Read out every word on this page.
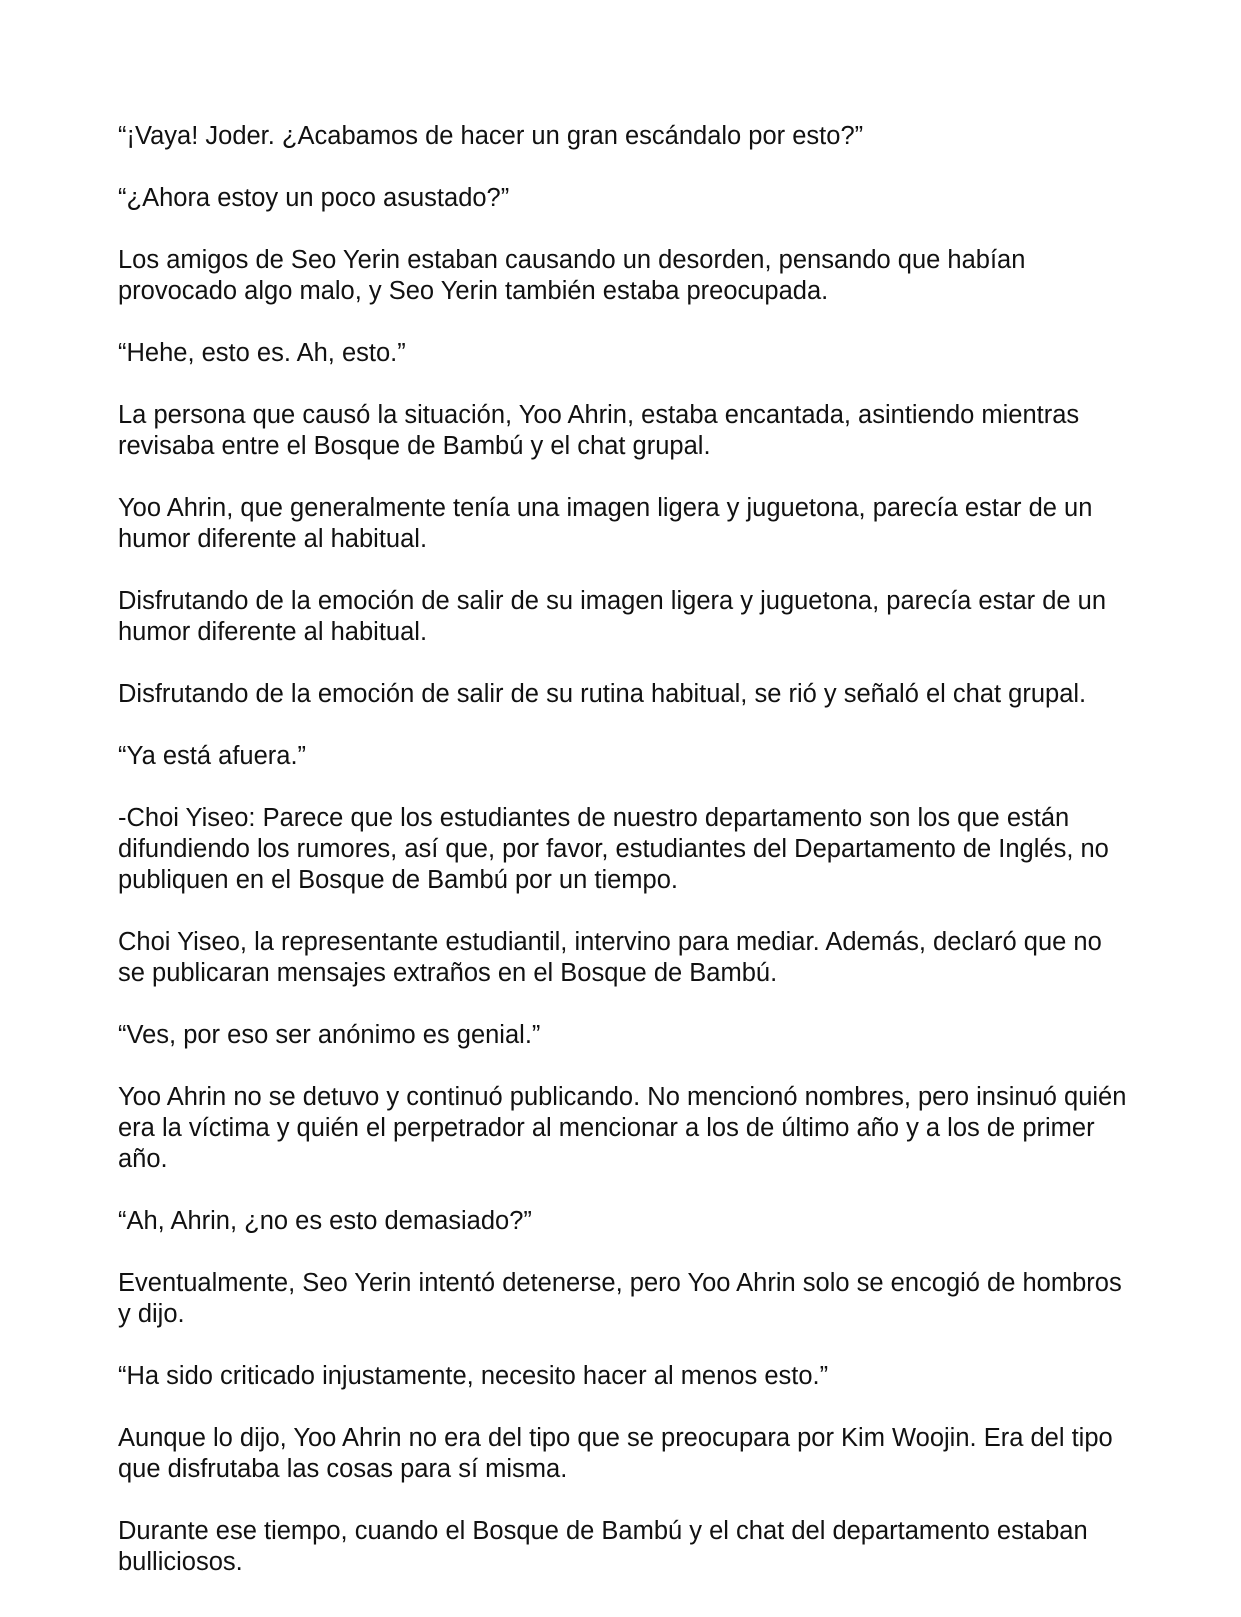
“¡Vaya! Joder. ¿Acabamos de hacer un gran escándalo por esto?”

“¿Ahora estoy un poco asustado?”

Los amigos de Seo Yerin estaban causando un desorden, pensando que habían provocado algo malo, y Seo Yerin también estaba preocupada.

“Hehe, esto es. Ah, esto.”

La persona que causó la situación, Yoo Ahrin, estaba encantada, asintiendo mientras revisaba entre el Bosque de Bambú y el chat grupal.

Yoo Ahrin, que generalmente tenía una imagen ligera y juguetona, parecía estar de un humor diferente al habitual.

Disfrutando de la emoción de salir de su imagen ligera y juguetona, parecía estar de un humor diferente al habitual.

Disfrutando de la emoción de salir de su rutina habitual, se rió y señaló el chat grupal.

“Ya está afuera.”

-Choi Yiseo: Parece que los estudiantes de nuestro departamento son los que están difundiendo los rumores, así que, por favor, estudiantes del Departamento de Inglés, no publiquen en el Bosque de Bambú por un tiempo.

Choi Yiseo, la representante estudiantil, intervino para mediar. Además, declaró que no se publicaran mensajes extraños en el Bosque de Bambú.

“Ves, por eso ser anónimo es genial.”

Yoo Ahrin no se detuvo y continuó publicando. No mencionó nombres, pero insinuó quién era la víctima y quién el perpetrador al mencionar a los de último año y a los de primer año.

“Ah, Ahrin, ¿no es esto demasiado?”

Eventualmente, Seo Yerin intentó detenerse, pero Yoo Ahrin solo se encogió de hombros y dijo.

“Ha sido criticado injustamente, necesito hacer al menos esto.”

Aunque lo dijo, Yoo Ahrin no era del tipo que se preocupara por Kim Woojin. Era del tipo que disfrutaba las cosas para sí misma.

Durante ese tiempo, cuando el Bosque de Bambú y el chat del departamento estaban bulliciosos.
